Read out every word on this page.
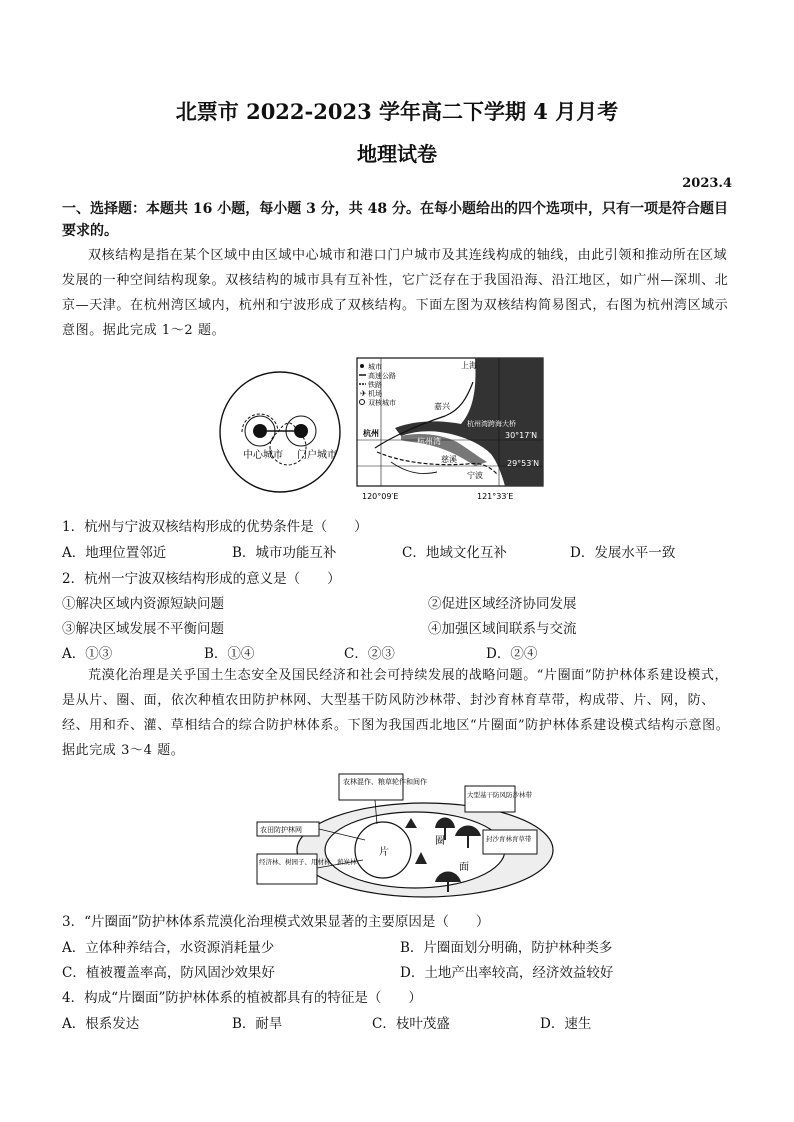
北票市 2022-2023 学年高二下学期 4 月月考
地理试卷
2023.4
一、选择题：本题共 16 小题，每小题 3 分，共 48 分。在每小题给出的四个选项中，只有一项是符合题目要求的。
双核结构是指在某个区域中由区域中心城市和港口门户城市及其连线构成的轴线，由此引领和推动所在区域发展的一种空间结构现象。双核结构的城市具有互补性，它广泛存在于我国沿海、沿江地区，如广州—深圳、北京—天津。在杭州湾区域内，杭州和宁波形成了双核结构。下面左图为双核结构简易图式，右图为杭州湾区域示意图。据此完成 1～2 题。
中心城市 门户城市
城市
高速公路
铁路
✈ 机场
双核城市
上海
嘉兴
杭州
杭州湾
慈溪
宁波
杭州湾跨海大桥
30°17′N
29°53′N
120°09′E	121°33′E
1．杭州与宁波双核结构形成的优势条件是（　　）
A．地理位置邻近	B．城市功能互补	C．地域文化互补	D．发展水平一致
2．杭州一宁波双核结构形成的意义是（　　）
①解决区域内资源短缺问题	②促进区域经济协同发展
③解决区域发展不平衡问题	④加强区域间联系与交流
A．①③	B．①④	C．②③	D．②④
荒漠化治理是关乎国土生态安全及国民经济和社会可持续发展的战略问题。“片圈面”防护林体系建设模式，是从片、圈、面，依次种植农田防护林网、大型基干防风防沙林带、封沙育林育草带，构成带、片、网，防、经、用和乔、灌、草相结合的综合防护林体系。下图为我国西北地区“片圈面”防护林体系建设模式结构示意图。据此完成 3～4 题。
片
圈
面
农林混作、粮草轮作和间作
大型基干防风防沙林带
农田防护林网
封沙育林育草带
经济林、树园子、用材林、薪炭林
3．“片圈面”防护林体系荒漠化治理模式效果显著的主要原因是（　　）
A．立体种养结合，水资源消耗量少	B．片圈面划分明确，防护林种类多
C．植被覆盖率高，防风固沙效果好	D．土地产出率较高，经济效益较好
4．构成“片圈面”防护林体系的植被都具有的特征是（　　）
A．根系发达	B．耐旱	C．枝叶茂盛	D．速生
